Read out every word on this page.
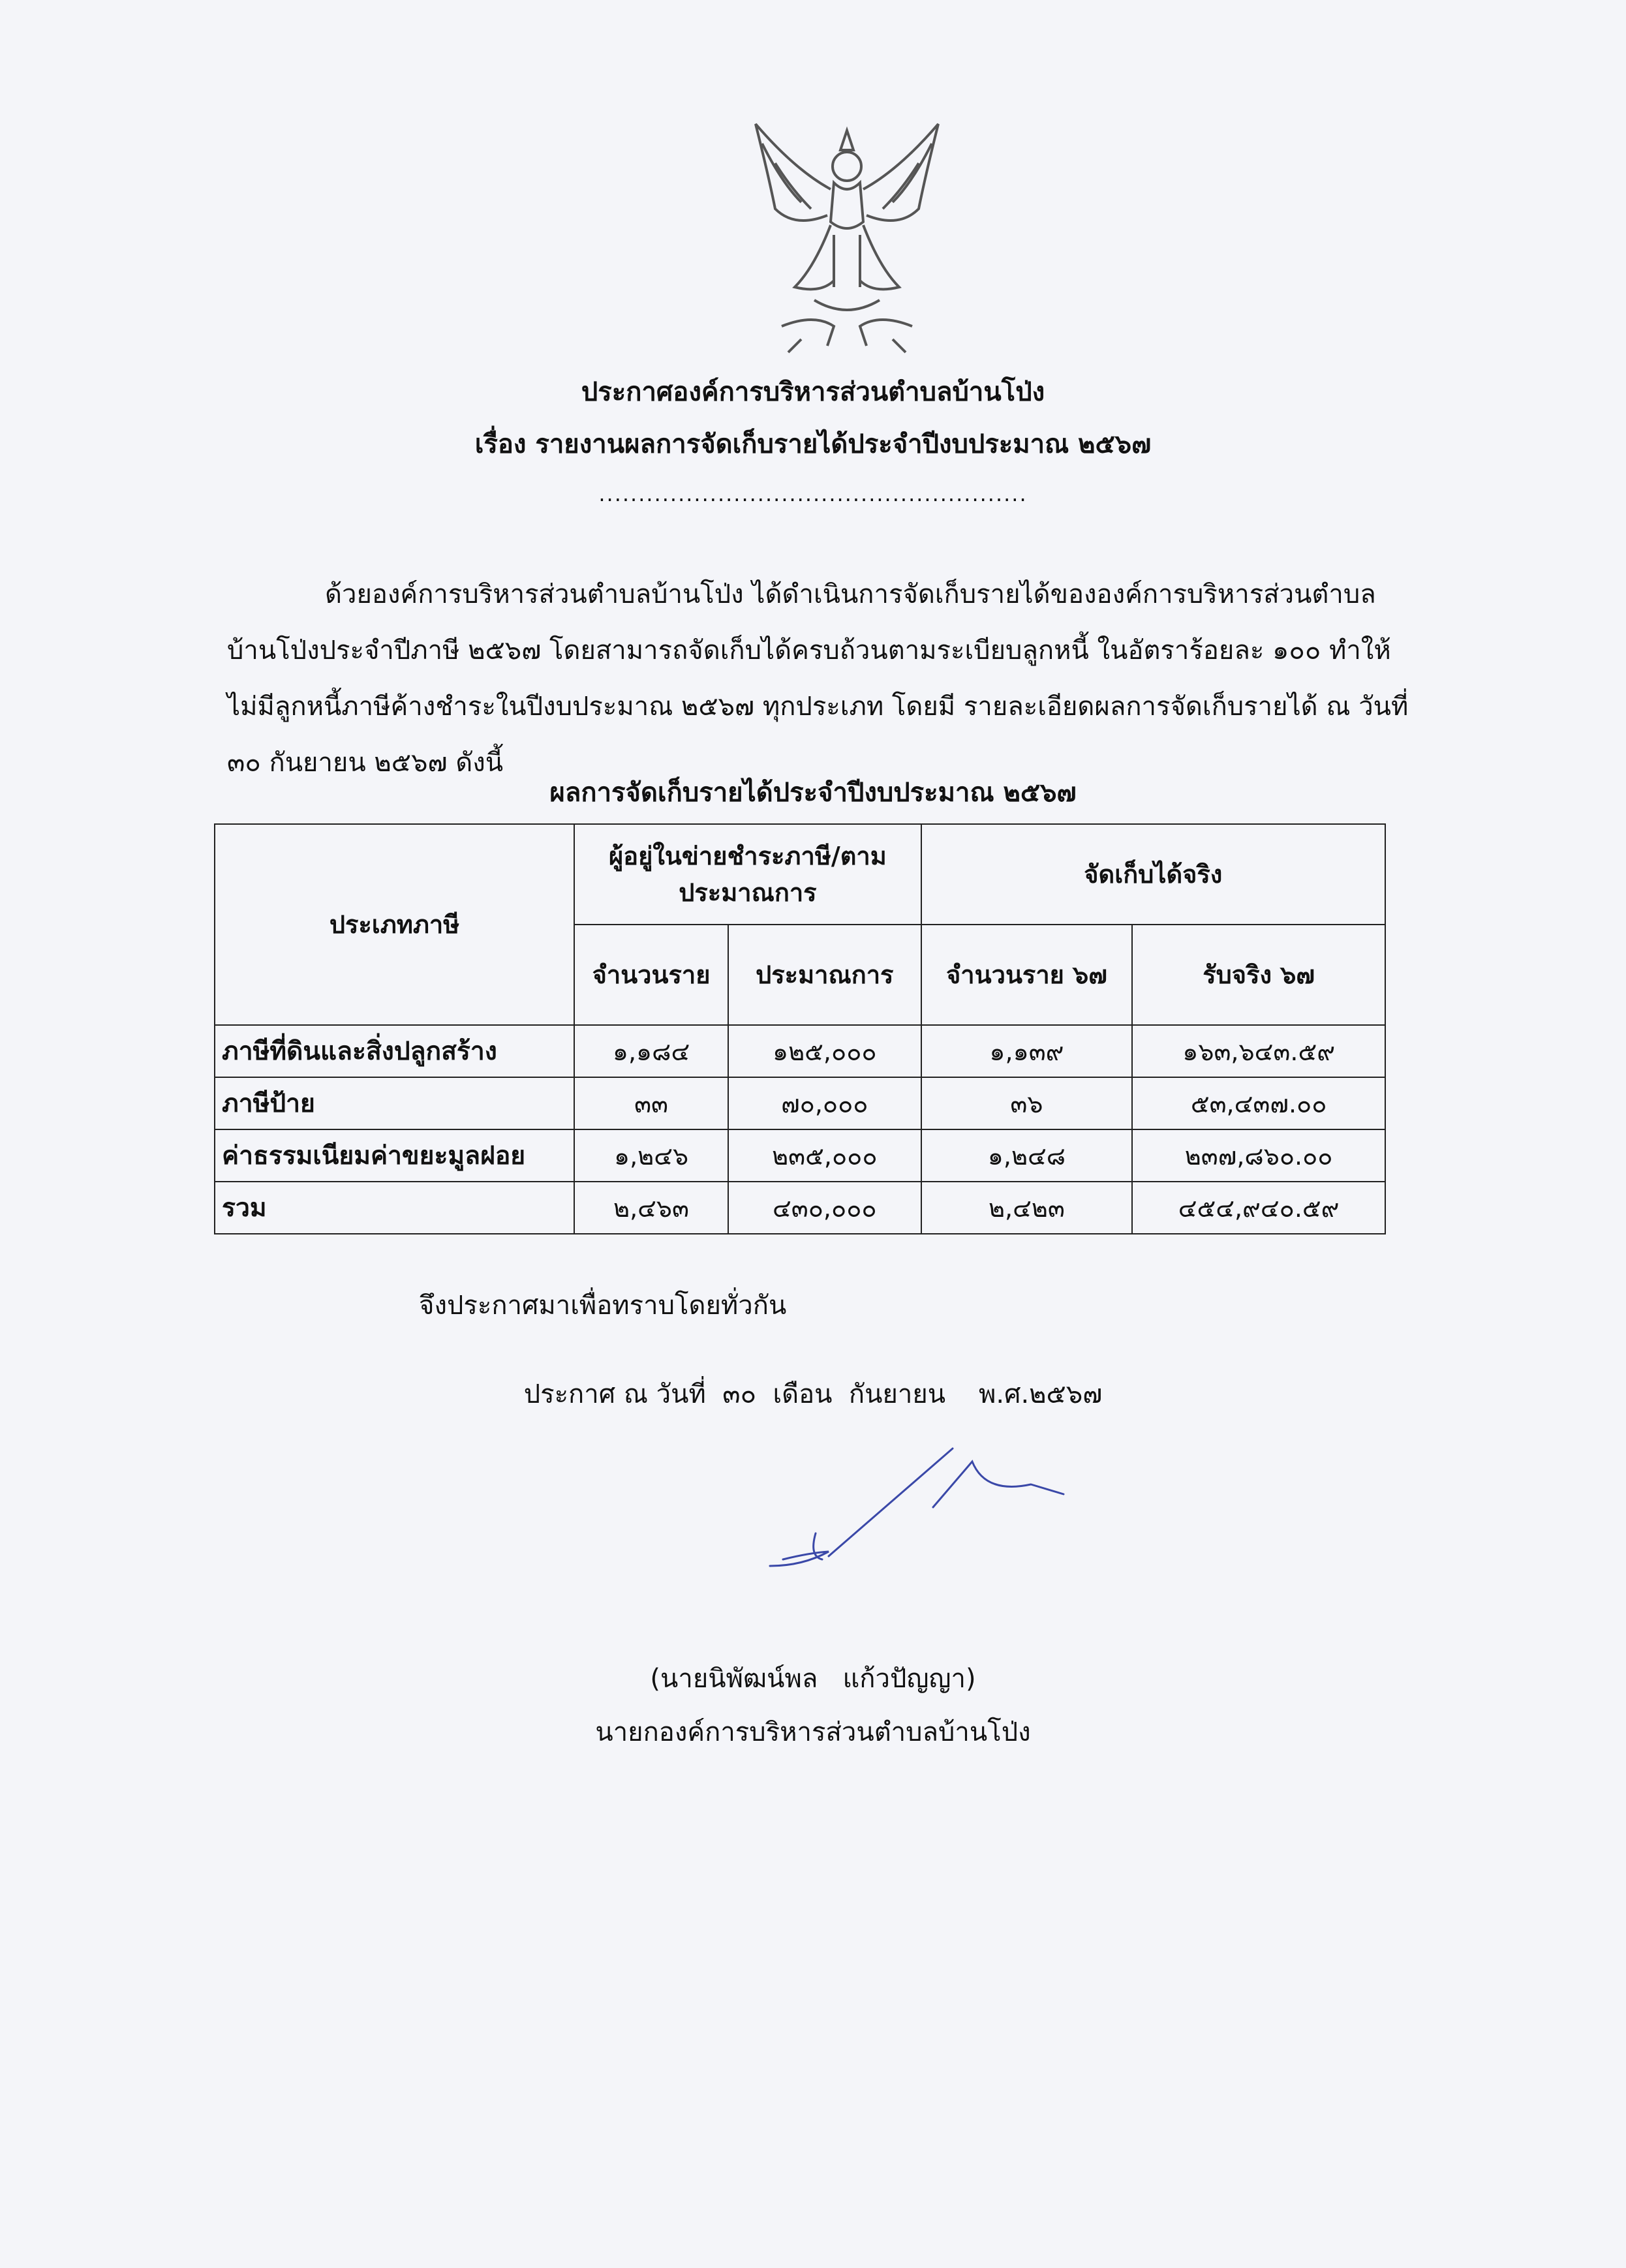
ประกาศองค์การบริหารส่วนตำบลบ้านโป่ง
เรื่อง รายงานผลการจัดเก็บรายได้ประจำปีงบประมาณ ๒๕๖๗
......................................................
ด้วยองค์การบริหารส่วนตำบลบ้านโป่ง ได้ดำเนินการจัดเก็บรายได้ขององค์การบริหารส่วนตำบล
บ้านโป่งประจำปีภาษี ๒๕๖๗ โดยสามารถจัดเก็บได้ครบถ้วนตามระเบียบลูกหนี้ ในอัตราร้อยละ ๑๐๐ ทำให้
ไม่มีลูกหนี้ภาษีค้างชำระในปีงบประมาณ ๒๕๖๗ ทุกประเภท โดยมี รายละเอียดผลการจัดเก็บรายได้ ณ วันที่
๓๐ กันยายน ๒๕๖๗ ดังนี้
ผลการจัดเก็บรายได้ประจำปีงบประมาณ ๒๕๖๗
ประเภทภาษี	ผู้อยู่ในข่ายชำระภาษี/ตามประมาณการ		จัดเก็บได้จริง	
	จำนวนราย	ประมาณการ	จำนวนราย ๖๗	รับจริง ๖๗
ภาษีที่ดินและสิ่งปลูกสร้าง	๑,๑๘๔	๑๒๕,๐๐๐	๑,๑๓๙	๑๖๓,๖๔๓.๕๙
ภาษีป้าย	๓๓	๗๐,๐๐๐	๓๖	๕๓,๔๓๗.๐๐
ค่าธรรมเนียมค่าขยะมูลฝอย	๑,๒๔๖	๒๓๕,๐๐๐	๑,๒๔๘	๒๓๗,๘๖๐.๐๐
รวม	๒,๔๖๓	๔๓๐,๐๐๐	๒,๔๒๓	๔๕๔,๙๔๐.๕๙
จึงประกาศมาเพื่อทราบโดยทั่วกัน
ประกาศ ณ วันที่  ๓๐  เดือน  กันยายน    พ.ศ.๒๕๖๗
(นายนิพัฒน์พล   แก้วปัญญา)
นายกองค์การบริหารส่วนตำบลบ้านโป่ง
